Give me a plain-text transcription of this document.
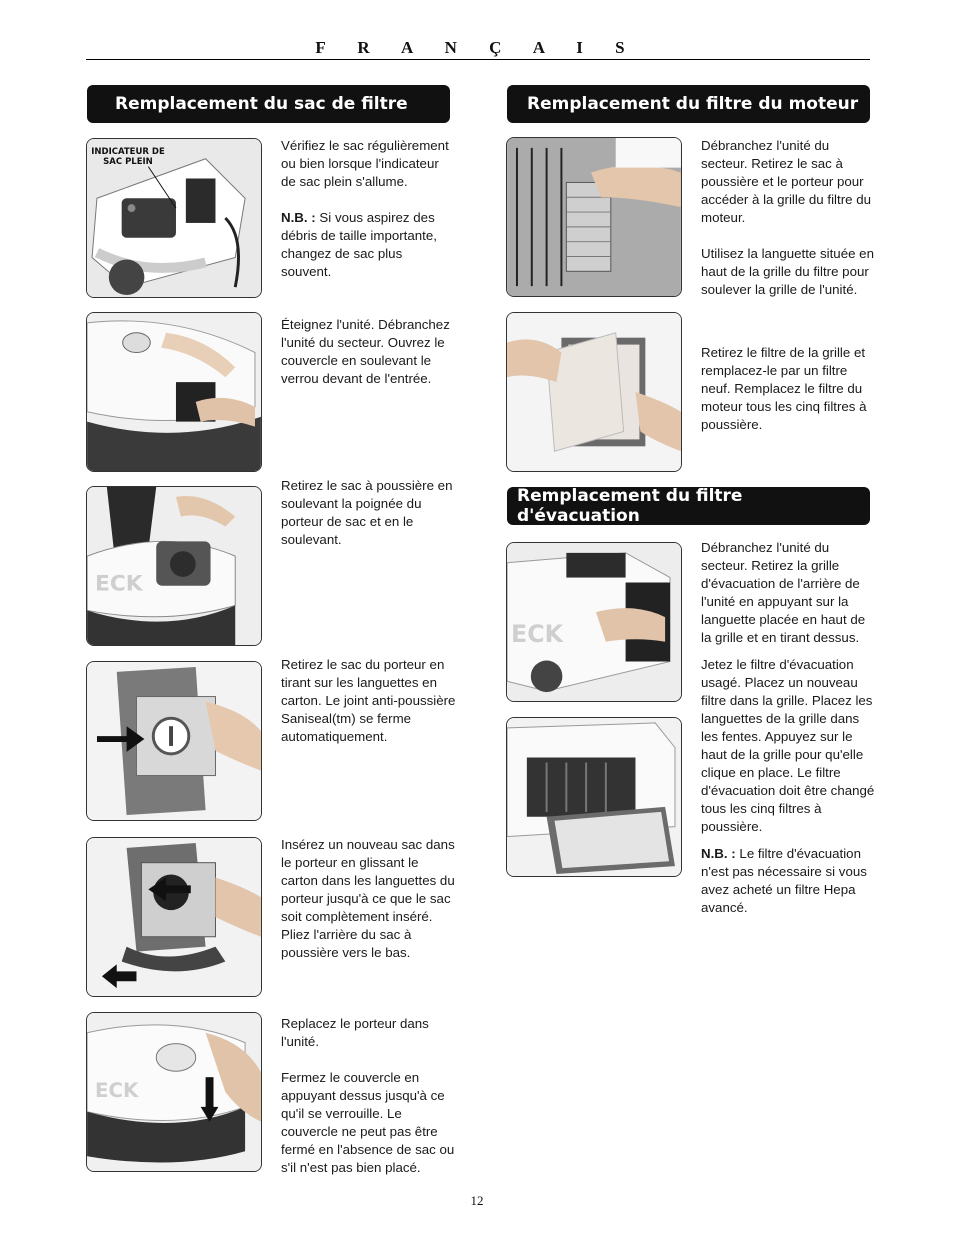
F R A N Ç A I S
Remplacement du sac de filtre
INDICATEUR DE SAC PLEIN

Vérifiez le sac régulièrement ou bien lorsque l'indicateur de sac plein s'allume.

N.B. : Si vous aspirez des débris de taille importante, changez de sac plus souvent.

Éteignez l'unité. Débranchez l'unité du secteur. Ouvrez le couvercle en soulevant le verrou devant de l'entrée.

ECK

Retirez le sac à poussière en soulevant la poignée du porteur de sac et en le soulevant.

Retirez le sac du porteur en tirant sur les languettes en carton. Le joint anti-poussière Saniseal(tm) se ferme automatiquement.

Insérez un nouveau sac dans le porteur en glissant le carton dans les languettes du porteur jusqu'à ce que le sac soit complètement inséré. Pliez l'arrière du sac à poussière vers le bas.

ECK

Replacez le porteur dans l'unité.

Fermez le couvercle en appuyant dessus jusqu'à ce qu'il se verrouille. Le couvercle ne peut pas être fermé en l'absence de sac ou s'il n'est pas bien placé.

Remplacement du filtre du moteur

Débranchez l'unité du secteur. Retirez le sac à poussière et le porteur pour accéder à la grille du filtre du moteur.

Utilisez la languette située en haut de la grille du filtre pour soulever la grille de l'unité.

Retirez le filtre de la grille et remplacez-le par un filtre neuf. Remplacez le filtre du moteur tous les cinq filtres à poussière.

Remplacement du filtre d'évacuation
ECK

Débranchez l'unité du secteur. Retirez la grille d'évacuation de l'arrière de l'unité en appuyant sur la languette placée en haut de la grille et en tirant dessus.

Jetez le filtre d'évacuation usagé. Placez un nouveau filtre dans la grille. Placez les languettes de la grille dans les fentes. Appuyez sur le haut de la grille pour qu'elle clique en place. Le filtre d'évacuation doit être changé tous les cinq filtres à poussière.

N.B. : Le filtre d'évacuation n'est pas nécessaire si vous avez acheté un filtre Hepa avancé.

12
